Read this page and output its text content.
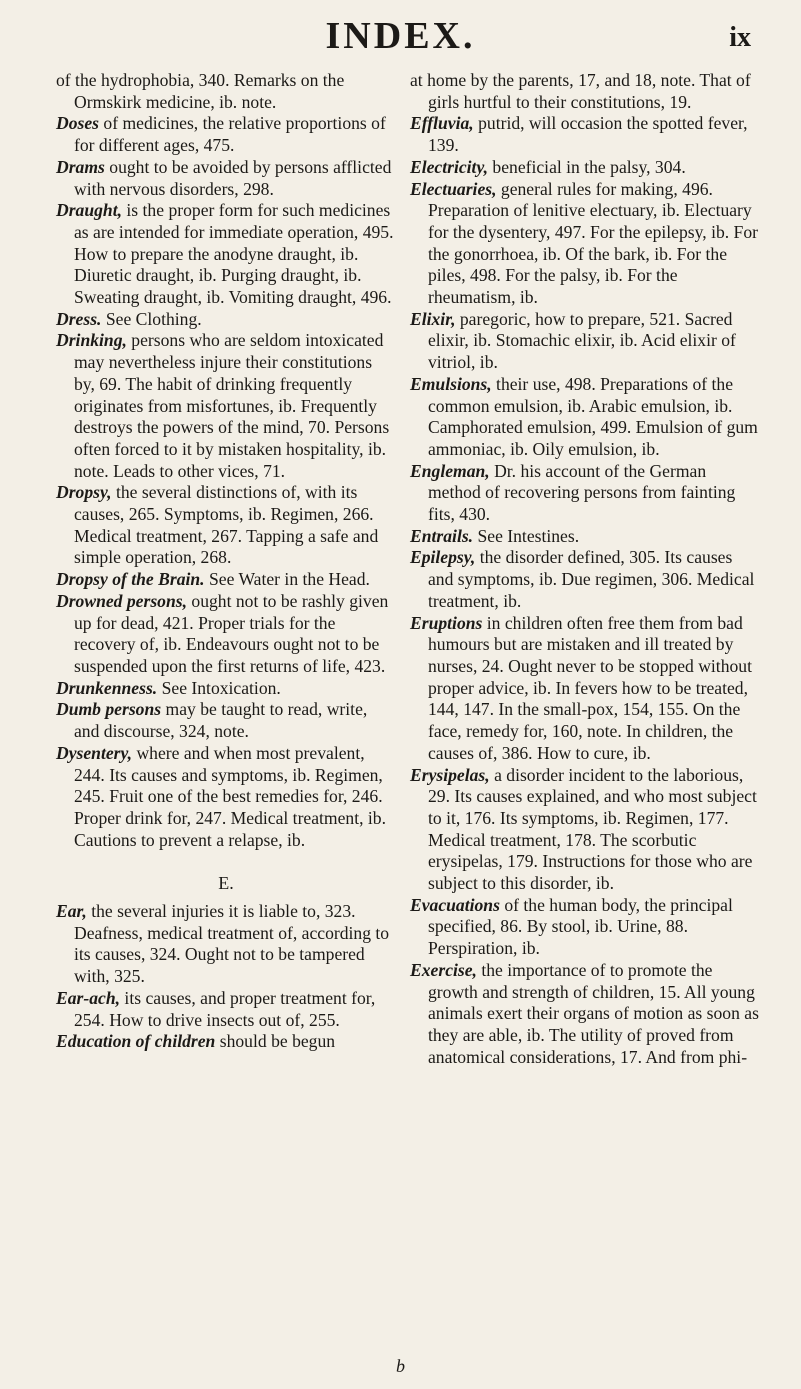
INDEX.	ix

of the hydrophobia, 340. Remarks on the Ormskirk medicine, ib. note.

Doses of medicines, the relative proportions of for different ages, 475.

Drams ought to be avoided by persons afflicted with nervous disorders, 298.

Draught, is the proper form for such medicines as are intended for immediate operation, 495. How to prepare the anodyne draught, ib. Diuretic draught, ib. Purging draught, ib. Sweating draught, ib. Vomiting draught, 496.

Dress. See Clothing.

Drinking, persons who are seldom intoxicated may nevertheless injure their constitutions by, 69. The habit of drinking frequently originates from misfortunes, ib. Frequently destroys the powers of the mind, 70. Persons often forced to it by mistaken hospitality, ib. note. Leads to other vices, 71.

Dropsy, the several distinctions of, with its causes, 265. Symptoms, ib. Regimen, 266. Medical treatment, 267. Tapping a safe and simple operation, 268.

Dropsy of the Brain. See Water in the Head.

Drowned persons, ought not to be rashly given up for dead, 421. Proper trials for the recovery of, ib. Endeavours ought not to be suspended upon the first returns of life, 423.

Drunkenness. See Intoxication.

Dumb persons may be taught to read, write, and discourse, 324, note.

Dysentery, where and when most prevalent, 244. Its causes and symptoms, ib. Regimen, 245. Fruit one of the best remedies for, 246. Proper drink for, 247. Medical treatment, ib. Cautions to prevent a relapse, ib.

E.

Ear, the several injuries it is liable to, 323. Deafness, medical treatment of, according to its causes, 324. Ought not to be tampered with, 325.

Ear-ach, its causes, and proper treatment for, 254. How to drive insects out of, 255.

Education of children should be begun

at home by the parents, 17, and 18, note. That of girls hurtful to their constitutions, 19.

Effluvia, putrid, will occasion the spotted fever, 139.

Electricity, beneficial in the palsy, 304.

Electuaries, general rules for making, 496. Preparation of lenitive electuary, ib. Electuary for the dysentery, 497. For the epilepsy, ib. For the gonorrhoea, ib. Of the bark, ib. For the piles, 498. For the palsy, ib. For the rheumatism, ib.

Elixir, paregoric, how to prepare, 521. Sacred elixir, ib. Stomachic elixir, ib. Acid elixir of vitriol, ib.

Emulsions, their use, 498. Preparations of the common emulsion, ib. Arabic emulsion, ib. Camphorated emulsion, 499. Emulsion of gum ammoniac, ib. Oily emulsion, ib.

Engleman, Dr. his account of the German method of recovering persons from fainting fits, 430.

Entrails. See Intestines.

Epilepsy, the disorder defined, 305. Its causes and symptoms, ib. Due regimen, 306. Medical treatment, ib.

Eruptions in children often free them from bad humours but are mistaken and ill treated by nurses, 24. Ought never to be stopped without proper advice, ib. In fevers how to be treated, 144, 147. In the small-pox, 154, 155. On the face, remedy for, 160, note. In children, the causes of, 386. How to cure, ib.

Erysipelas, a disorder incident to the laborious, 29. Its causes explained, and who most subject to it, 176. Its symptoms, ib. Regimen, 177. Medical treatment, 178. The scorbutic erysipelas, 179. Instructions for those who are subject to this disorder, ib.

Evacuations of the human body, the principal specified, 86. By stool, ib. Urine, 88. Perspiration, ib.

Exercise, the importance of to promote the growth and strength of children, 15. All young animals exert their organs of motion as soon as they are able, ib. The utility of proved from anatomical considerations, 17. And from phi-

b
